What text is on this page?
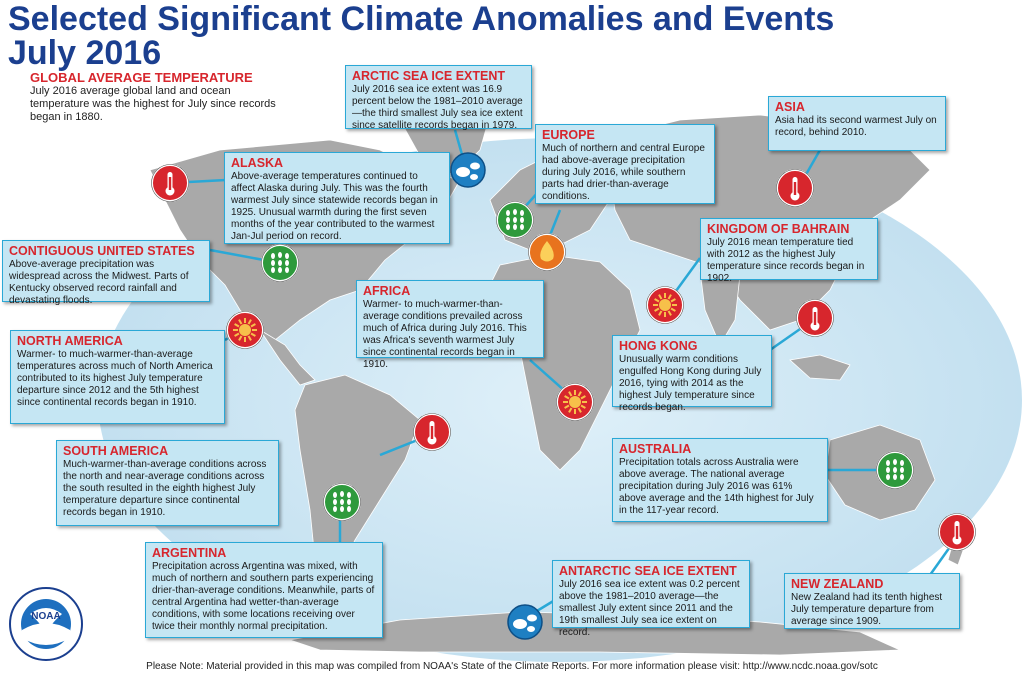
Selected Significant Climate Anomalies and Events
July 2016
GLOBAL AVERAGE TEMPERATURE
July 2016 average global land and ocean temperature was the highest for July since records began in 1880.
ARCTIC SEA ICE EXTENT

July 2016 sea ice extent was 16.9 percent below the 1981–2010 average—the third smallest July sea ice extent since satellite records began in 1979.

ASIA

Asia had its second warmest July on record, behind 2010.

EUROPE

Much of northern and central Europe had above-average precipitation during July 2016, while southern parts had drier-than-average conditions.

ALASKA

Above-average temperatures continued to affect Alaska during July. This was the fourth warmest July since statewide records began in 1925. Unusual warmth during the first seven months of the year contributed to the warmest Jan-Jul period on record.

KINGDOM OF BAHRAIN

July 2016 mean temperature tied with 2012 as the highest July temperature since records began in 1902.

CONTIGUOUS UNITED STATES

Above-average precipitation was widespread across the Midwest. Parts of Kentucky observed record rainfall and devastating floods.

AFRICA

Warmer- to much-warmer-than-average conditions prevailed across much of Africa during July 2016. This was Africa's seventh warmest July since continental records began in 1910.

NORTH AMERICA

Warmer- to much-warmer-than-average temperatures across much of North America contributed to its highest July temperature departure since 2012 and the 5th highest since continental records began in 1910.

HONG KONG

Unusually warm conditions engulfed Hong Kong during July 2016, tying with 2014 as the highest July temperature since records began.

SOUTH AMERICA

Much-warmer-than-average conditions across the north and near-average conditions across the south resulted in the eighth highest July temperature departure since continental records began in 1910.

AUSTRALIA

Precipitation totals across Australia were above average. The national average precipitation during July 2016 was 61% above average and the 14th highest for July in the 117-year record.

ARGENTINA

Precipitation across Argentina was mixed, with much of northern and southern parts experiencing drier-than-average conditions. Meanwhile, parts of central Argentina had wetter-than-average conditions, with some locations receiving over twice their monthly normal precipitation.

ANTARCTIC SEA ICE EXTENT

July 2016 sea ice extent was 0.2 percent above the 1981–2010 average—the smallest July extent since 2011 and the 19th smallest July sea ice extent on record.

NEW ZEALAND

New Zealand had its tenth highest July temperature departure from average since 1909.

NOAA
Please Note: Material provided in this map was compiled from NOAA's State of the Climate Reports. For more information please visit: http://www.ncdc.noaa.gov/sotc
